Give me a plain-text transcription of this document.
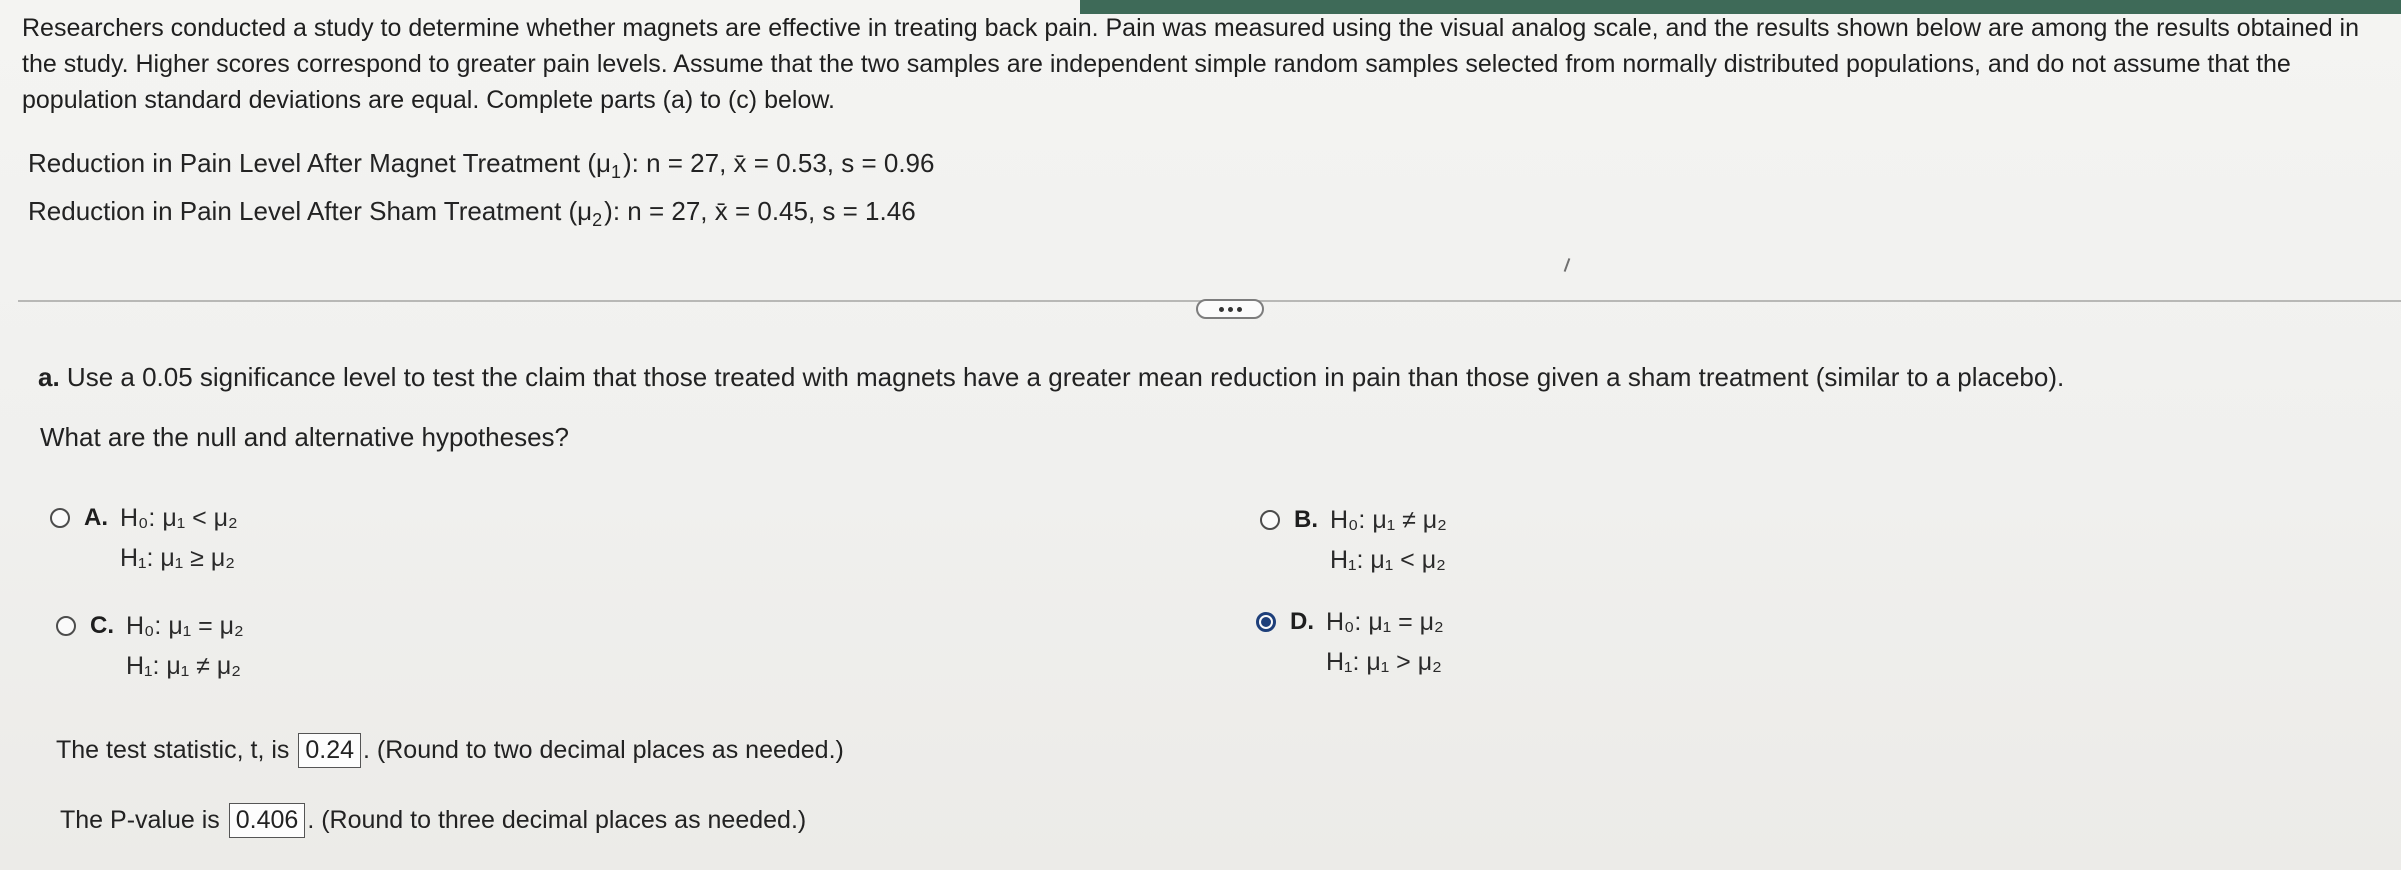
Researchers conducted a study to determine whether magnets are effective in treating back pain. Pain was measured using the visual analog scale, and the results shown below are among the results obtained in the study. Higher scores correspond to greater pain levels. Assume that the two samples are independent simple random samples selected from normally distributed populations, and do not assume that the population standard deviations are equal. Complete parts (a) to (c) below.
Reduction in Pain Level After Magnet Treatment $(\mu_1)$: n = 27, x̄ = 0.53, s = 0.96
Reduction in Pain Level After Sham Treatment $(\mu_2)$: n = 27, x̄ = 0.45, s = 1.46
a. Use a 0.05 significance level to test the claim that those treated with magnets have a greater mean reduction in pain than those given a sham treatment (similar to a placebo).
What are the null and alternative hypotheses?
A. H₀: μ₁ < μ₂
H₁: μ₁ ≥ μ₂
B. H₀: μ₁ ≠ μ₂
H₁: μ₁ < μ₂
C. H₀: μ₁ = μ₂
H₁: μ₁ ≠ μ₂
D. H₀: μ₁ = μ₂
H₁: μ₁ > μ₂
The test statistic, t, is 0.24 . (Round to two decimal places as needed.)
The P-value is 0.406 . (Round to three decimal places as needed.)
